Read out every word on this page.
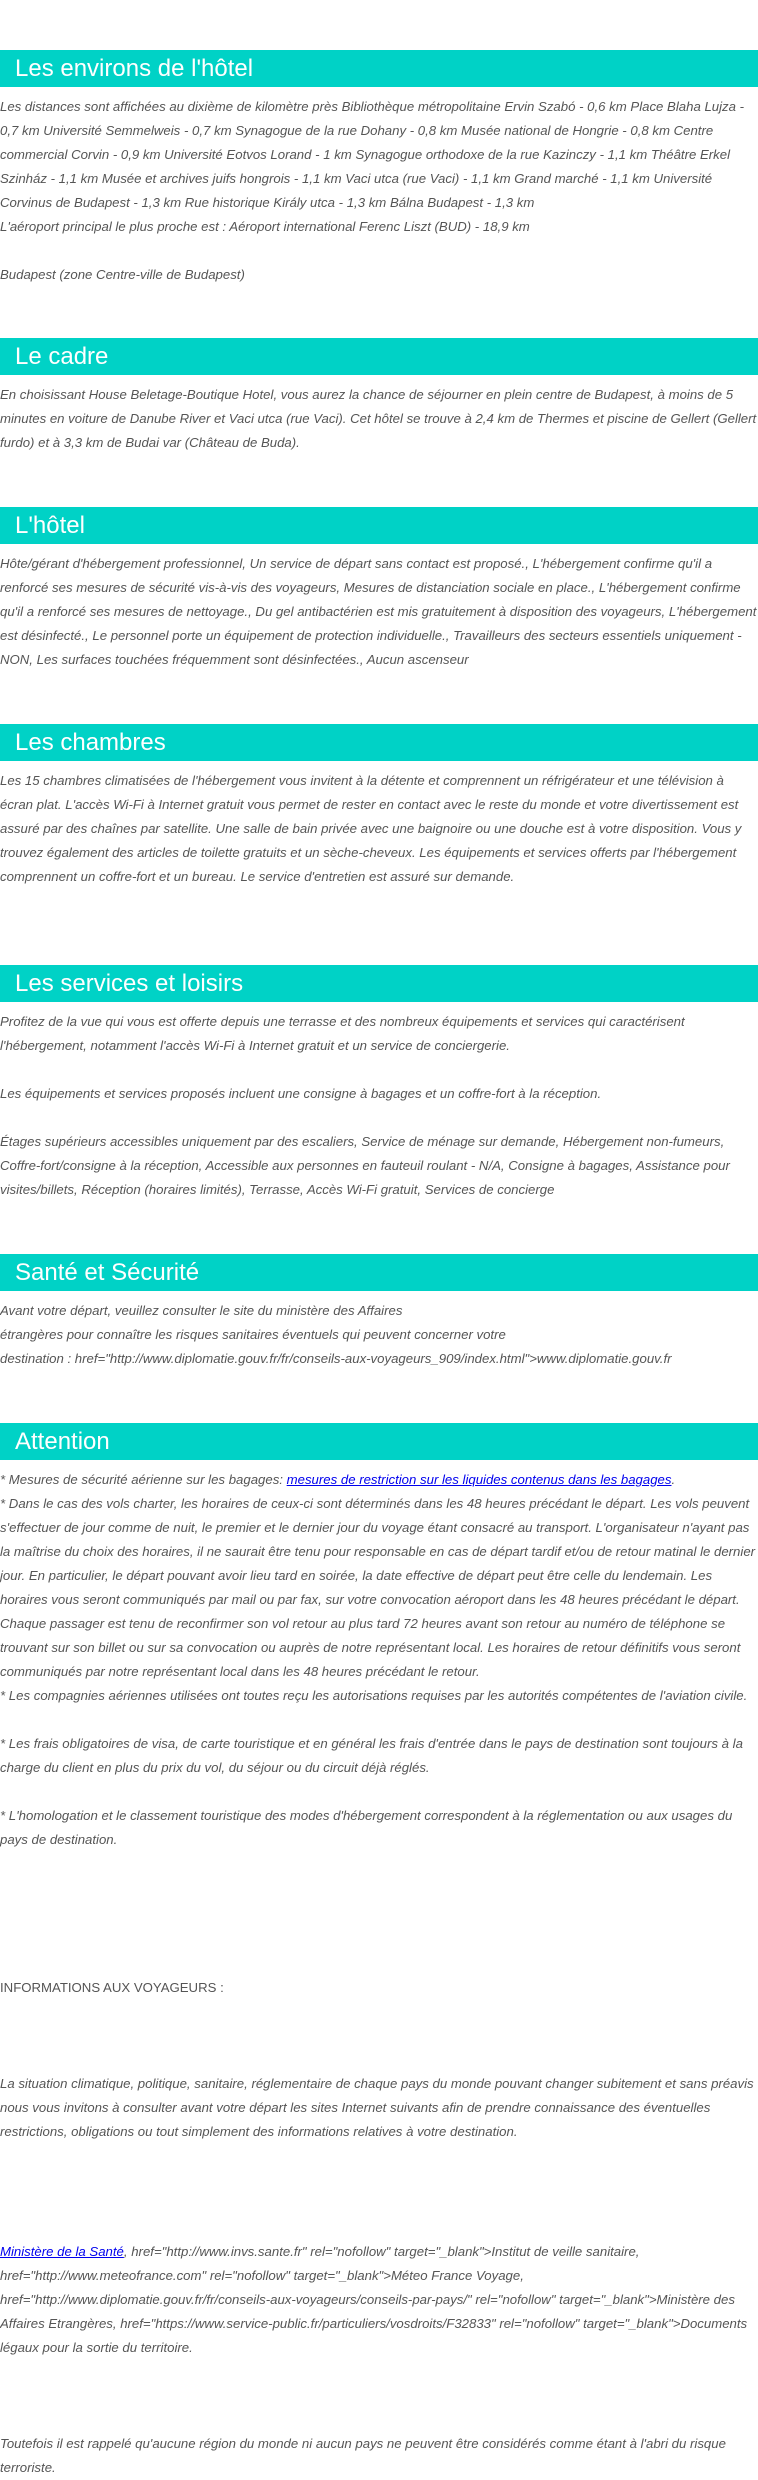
Les environs de l'hôtel

Les distances sont affichées au dixième de kilomètre près Bibliothèque métropolitaine Ervin Szabó - 0,6 km Place Blaha Lujza - 0,7 km Université Semmelweis - 0,7 km Synagogue de la rue Dohany - 0,8 km Musée national de Hongrie - 0,8 km Centre commercial Corvin - 0,9 km Université Eotvos Lorand - 1 km Synagogue orthodoxe de la rue Kazinczy - 1,1 km Théâtre Erkel Szinház - 1,1 km Musée et archives juifs hongrois - 1,1 km Vaci utca (rue Vaci) - 1,1 km Grand marché - 1,1 km Université Corvinus de Budapest - 1,3 km Rue historique Király utca - 1,3 km Bálna Budapest - 1,3 km

L'aéroport principal le plus proche est : Aéroport international Ferenc Liszt (BUD) - 18,9 km

Budapest (zone Centre-ville de Budapest)

Le cadre

En choisissant House Beletage-Boutique Hotel, vous aurez la chance de séjourner en plein centre de Budapest, à moins de 5 minutes en voiture de Danube River et Vaci utca (rue Vaci). Cet hôtel se trouve à 2,4 km de Thermes et piscine de Gellert (Gellert furdo) et à 3,3 km de Budai var (Château de Buda).

L'hôtel

Hôte/gérant d'hébergement professionnel, Un service de départ sans contact est proposé., L'hébergement confirme qu'il a renforcé ses mesures de sécurité vis-à-vis des voyageurs, Mesures de distanciation sociale en place., L'hébergement confirme qu'il a renforcé ses mesures de nettoyage., Du gel antibactérien est mis gratuitement à disposition des voyageurs, L'hébergement est désinfecté., Le personnel porte un équipement de protection individuelle., Travailleurs des secteurs essentiels uniquement - NON, Les surfaces touchées fréquemment sont désinfectées., Aucun ascenseur

Les chambres

Les 15 chambres climatisées de l'hébergement vous invitent à la détente et comprennent un réfrigérateur et une télévision à écran plat. L'accès Wi-Fi à Internet gratuit vous permet de rester en contact avec le reste du monde et votre divertissement est assuré par des chaînes par satellite. Une salle de bain privée avec une baignoire ou une douche est à votre disposition. Vous y trouvez également des articles de toilette gratuits et un sèche-cheveux. Les équipements et services offerts par l'hébergement comprennent un coffre-fort et un bureau. Le service d'entretien est assuré sur demande.

Les services et loisirs

Profitez de la vue qui vous est offerte depuis une terrasse et des nombreux équipements et services qui caractérisent l'hébergement, notamment l'accès Wi-Fi à Internet gratuit et un service de conciergerie.

Les équipements et services proposés incluent une consigne à bagages et un coffre-fort à la réception.

Étages supérieurs accessibles uniquement par des escaliers, Service de ménage sur demande, Hébergement non-fumeurs, Coffre-fort/consigne à la réception, Accessible aux personnes en fauteuil roulant - N/A, Consigne à bagages, Assistance pour visites/billets, Réception (horaires limités), Terrasse, Accès Wi-Fi gratuit, Services de concierge

Santé et Sécurité

Avant votre départ, veuillez consulter le site du ministère des Affaires

étrangères pour connaître les risques sanitaires éventuels qui peuvent concerner votre

destination : href="http://www.diplomatie.gouv.fr/fr/conseils-aux-voyageurs_909/index.html">www.diplomatie.gouv.fr

Attention

* Mesures de sécurité aérienne sur les bagages: mesures de restriction sur les liquides contenus dans les bagages.

* Dans le cas des vols charter, les horaires de ceux-ci sont déterminés dans les 48 heures précédant le départ. Les vols peuvent s'effectuer de jour comme de nuit, le premier et le dernier jour du voyage étant consacré au transport. L'organisateur n'ayant pas la maîtrise du choix des horaires, il ne saurait être tenu pour responsable en cas de départ tardif et/ou de retour matinal le dernier jour. En particulier, le départ pouvant avoir lieu tard en soirée, la date effective de départ peut être celle du lendemain. Les horaires vous seront communiqués par mail ou par fax, sur votre convocation aéroport dans les 48 heures précédant le départ. Chaque passager est tenu de reconfirmer son vol retour au plus tard 72 heures avant son retour au numéro de téléphone se trouvant sur son billet ou sur sa convocation ou auprès de notre représentant local. Les horaires de retour définitifs vous seront communiqués par notre représentant local dans les 48 heures précédant le retour.

* Les compagnies aériennes utilisées ont toutes reçu les autorisations requises par les autorités compétentes de l'aviation civile.

* Les frais obligatoires de visa, de carte touristique et en général les frais d'entrée dans le pays de destination sont toujours à la charge du client en plus du prix du vol, du séjour ou du circuit déjà réglés.

* L'homologation et le classement touristique des modes d'hébergement correspondent à la réglementation ou aux usages du pays de destination.

INFORMATIONS AUX VOYAGEURS :

La situation climatique, politique, sanitaire, réglementaire de chaque pays du monde pouvant changer subitement et sans préavis

nous vous invitons à consulter avant votre départ les sites Internet suivants afin de prendre connaissance des éventuelles restrictions, obligations ou tout simplement des informations relatives à votre destination.

Ministère de la Santé, href="http://www.invs.sante.fr" rel="nofollow" target="_blank">Institut de veille sanitaire, href="http://www.meteofrance.com" rel="nofollow" target="_blank">Méteo France Voyage, href="http://www.diplomatie.gouv.fr/fr/conseils-aux-voyageurs/conseils-par-pays/" rel="nofollow" target="_blank">Ministère des Affaires Etrangères, href="https://www.service-public.fr/particuliers/vosdroits/F32833" rel="nofollow" target="_blank">Documents légaux pour la sortie du territoire.

Toutefois il est rappelé qu'aucune région du monde ni aucun pays ne peuvent être considérés comme étant à l'abri du risque terroriste.
